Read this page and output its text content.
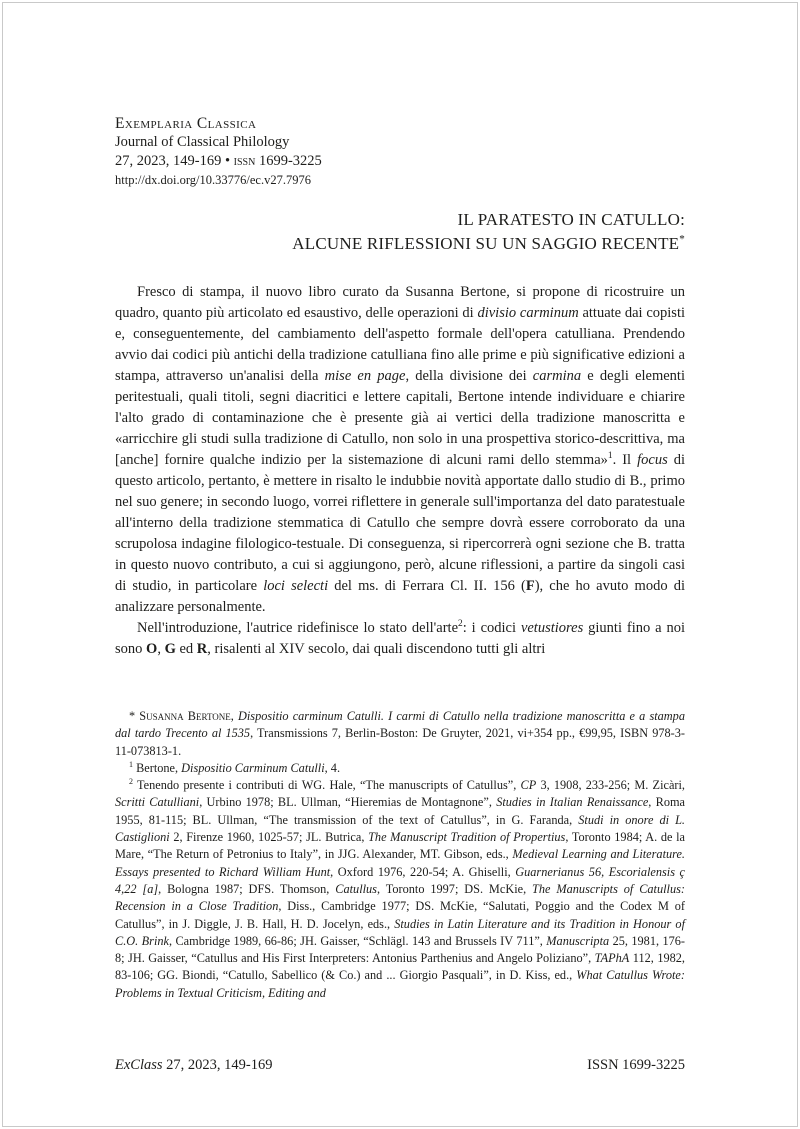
Exemplaria Classica
Journal of Classical Philology
27, 2023, 149-169 • issn 1699-3225
http://dx.doi.org/10.33776/ec.v27.7976
IL PARATESTO IN CATULLO:
ALCUNE RIFLESSIONI SU UN SAGGIO RECENTE*

Fresco di stampa, il nuovo libro curato da Susanna Bertone, si propone di ricostruire un quadro, quanto più articolato ed esaustivo, delle operazioni di divisio carminum attuate dai copisti e, conseguentemente, del cambiamento dell'aspetto formale dell'opera catulliana. Prendendo avvio dai codici più antichi della tradizione catulliana fino alle prime e più significative edizioni a stampa, attraverso un'analisi della mise en page, della divisione dei carmina e degli elementi peritestuali, quali titoli, segni diacritici e lettere capitali, Bertone intende individuare e chiarire l'alto grado di contaminazione che è presente già ai vertici della tradizione manoscritta e «arricchire gli studi sulla tradizione di Catullo, non solo in una prospettiva storico-descrittiva, ma [anche] fornire qualche indizio per la sistemazione di alcuni rami dello stemma»$^1$. Il focus di questo articolo, pertanto, è mettere in risalto le indubbie novità apportate dallo studio di B., primo nel suo genere; in secondo luogo, vorrei riflettere in generale sull'importanza del dato paratestuale all'interno della tradizione stemmatica di Catullo che sempre dovrà essere corroborato da una scrupolosa indagine filologico-testuale. Di conseguenza, si ripercorrerà ogni sezione che B. tratta in questo nuovo contributo, a cui si aggiungono, però, alcune riflessioni, a partire da singoli casi di studio, in particolare loci selecti del ms. di Ferrara Cl. II. 156 (F), che ho avuto modo di analizzare personalmente.

Nell'introduzione, l'autrice ridefinisce lo stato dell'arte$^2$: i codici vetustiores giunti fino a noi sono O, G ed R, risalenti al XIV secolo, dai quali discendono tutti gli altri

* Susanna Bertone, Dispositio carminum Catulli. I carmi di Catullo nella tradizione manoscritta e a stampa dal tardo Trecento al 1535, Transmissions 7, Berlin-Boston: De Gruyter, 2021, vi+354 pp., €99,95, ISBN 978-3-11-073813-1.

$^1$ Bertone, Dispositio Carminum Catulli, 4.

$^2$ Tenendo presente i contributi di WG. Hale, “The manuscripts of Catullus”, CP 3, 1908, 233-256; M. Zicàri, Scritti Catulliani, Urbino 1978; BL. Ullman, “Hieremias de Montagnone”, Studies in Italian Renaissance, Roma 1955, 81-115; BL. Ullman, “The transmission of the text of Catullus”, in G. Faranda, Studi in onore di L. Castiglioni 2, Firenze 1960, 1025-57; JL. Butrica, The Manuscript Tradition of Propertius, Toronto 1984; A. de la Mare, “The Return of Petronius to Italy”, in JJG. Alexander, MT. Gibson, eds., Medieval Learning and Literature. Essays presented to Richard William Hunt, Oxford 1976, 220-54; A. Ghiselli, Guarnerianus 56, Escorialensis ç 4,22 [a], Bologna 1987; DFS. Thomson, Catullus, Toronto 1997; DS. McKie, The Manuscripts of Catullus: Recension in a Close Tradition, Diss., Cambridge 1977; DS. McKie, “Salutati, Poggio and the Codex M of Catullus”, in J. Diggle, J. B. Hall, H. D. Jocelyn, eds., Studies in Latin Literature and its Tradition in Honour of C.O. Brink, Cambridge 1989, 66-86; JH. Gaisser, “Schlägl. 143 and Brussels IV 711”, Manuscripta 25, 1981, 176-8; JH. Gaisser, “Catullus and His First Interpreters: Antonius Parthenius and Angelo Poliziano”, TAPhA 112, 1982, 83-106; GG. Biondi, “Catullo, Sabellico (& Co.) and ... Giorgio Pasquali”, in D. Kiss, ed., What Catullus Wrote: Problems in Textual Criticism, Editing and

ExClass 27, 2023, 149-169	ISSN 1699-3225
